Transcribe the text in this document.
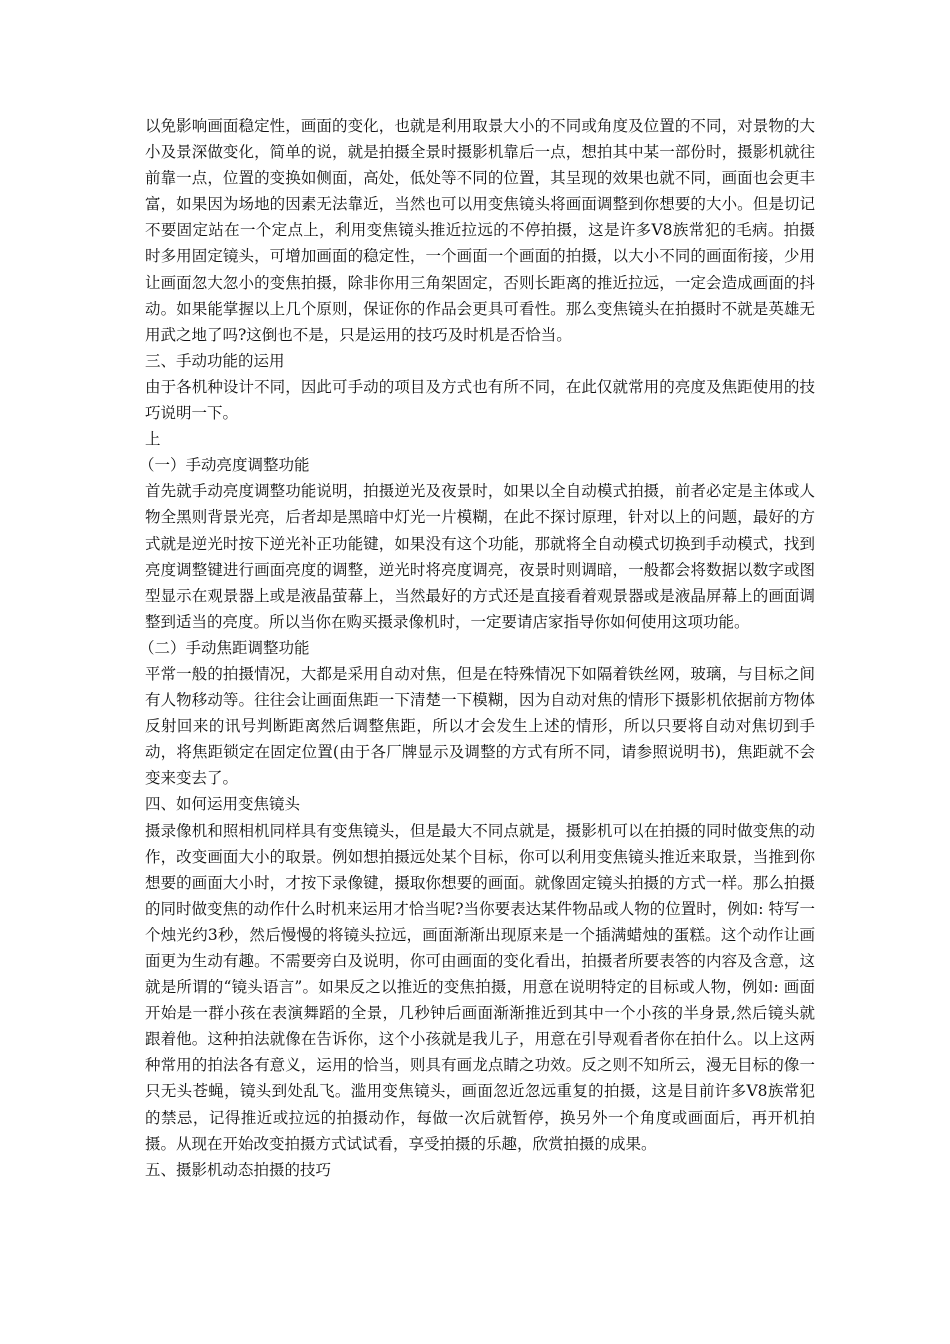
以免影响画面稳定性，画面的变化，也就是利用取景大小的不同或角度及位置的不同，对景物的大小及景深做变化，简单的说，就是拍摄全景时摄影机靠后一点，想拍其中某一部份时，摄影机就往前靠一点，位置的变换如侧面，高处，低处等不同的位置，其呈现的效果也就不同，画面也会更丰富，如果因为场地的因素无法靠近，当然也可以用变焦镜头将画面调整到你想要的大小。但是切记不要固定站在一个定点上，利用变焦镜头推近拉远的不停拍摄，这是许多V8族常犯的毛病。拍摄时多用固定镜头，可增加画面的稳定性，一个画面一个画面的拍摄，以大小不同的画面衔接，少用让画面忽大忽小的变焦拍摄，除非你用三角架固定，否则长距离的推近拉远，一定会造成画面的抖动。如果能掌握以上几个原则，保证你的作品会更具可看性。那么变焦镜头在拍摄时不就是英雄无用武之地了吗?这倒也不是，只是运用的技巧及时机是否恰当。

三、手动功能的运用

由于各机种设计不同，因此可手动的项目及方式也有所不同，在此仅就常用的亮度及焦距使用的技巧说明一下。

上

（一）手动亮度调整功能

首先就手动亮度调整功能说明，拍摄逆光及夜景时，如果以全自动模式拍摄，前者必定是主体或人物全黑则背景光亮，后者却是黑暗中灯光一片模糊，在此不探讨原理，针对以上的问题，最好的方式就是逆光时按下逆光补正功能键，如果没有这个功能，那就将全自动模式切换到手动模式，找到亮度调整键进行画面亮度的调整，逆光时将亮度调亮，夜景时则调暗，一般都会将数据以数字或图型显示在观景器上或是液晶萤幕上，当然最好的方式还是直接看着观景器或是液晶屏幕上的画面调整到适当的亮度。所以当你在购买摄录像机时，一定要请店家指导你如何使用这项功能。

（二）手动焦距调整功能

平常一般的拍摄情况，大都是采用自动对焦，但是在特殊情况下如隔着铁丝网，玻璃，与目标之间有人物移动等。往往会让画面焦距一下清楚一下模糊，因为自动对焦的情形下摄影机依据前方物体反射回来的讯号判断距离然后调整焦距，所以才会发生上述的情形，所以只要将自动对焦切到手动，将焦距锁定在固定位置(由于各厂牌显示及调整的方式有所不同，请参照说明书)，焦距就不会变来变去了。

四、如何运用变焦镜头

摄录像机和照相机同样具有变焦镜头，但是最大不同点就是，摄影机可以在拍摄的同时做变焦的动作，改变画面大小的取景。例如想拍摄远处某个目标，你可以利用变焦镜头推近来取景，当推到你想要的画面大小时，才按下录像键，摄取你想要的画面。就像固定镜头拍摄的方式一样。那么拍摄的同时做变焦的动作什么时机来运用才恰当呢?当你要表达某件物品或人物的位置时，例如: 特写一个烛光约3秒，然后慢慢的将镜头拉远，画面渐渐出现原来是一个插满蜡烛的蛋糕。这个动作让画面更为生动有趣。不需要旁白及说明，你可由画面的变化看出，拍摄者所要表答的内容及含意，这就是所谓的“镜头语言”。如果反之以推近的变焦拍摄，用意在说明特定的目标或人物，例如: 画面开始是一群小孩在表演舞蹈的全景，几秒钟后画面渐渐推近到其中一个小孩的半身景,然后镜头就跟着他。这种拍法就像在告诉你，这个小孩就是我儿子，用意在引导观看者你在拍什么。以上这两种常用的拍法各有意义，运用的恰当，则具有画龙点睛之功效。反之则不知所云，漫无目标的像一只无头苍蝇，镜头到处乱飞。滥用变焦镜头，画面忽近忽远重复的拍摄，这是目前许多V8族常犯的禁忌，记得推近或拉远的拍摄动作，每做一次后就暂停，换另外一个角度或画面后，再开机拍摄。从现在开始改变拍摄方式试试看，享受拍摄的乐趣，欣赏拍摄的成果。

五、摄影机动态拍摄的技巧
